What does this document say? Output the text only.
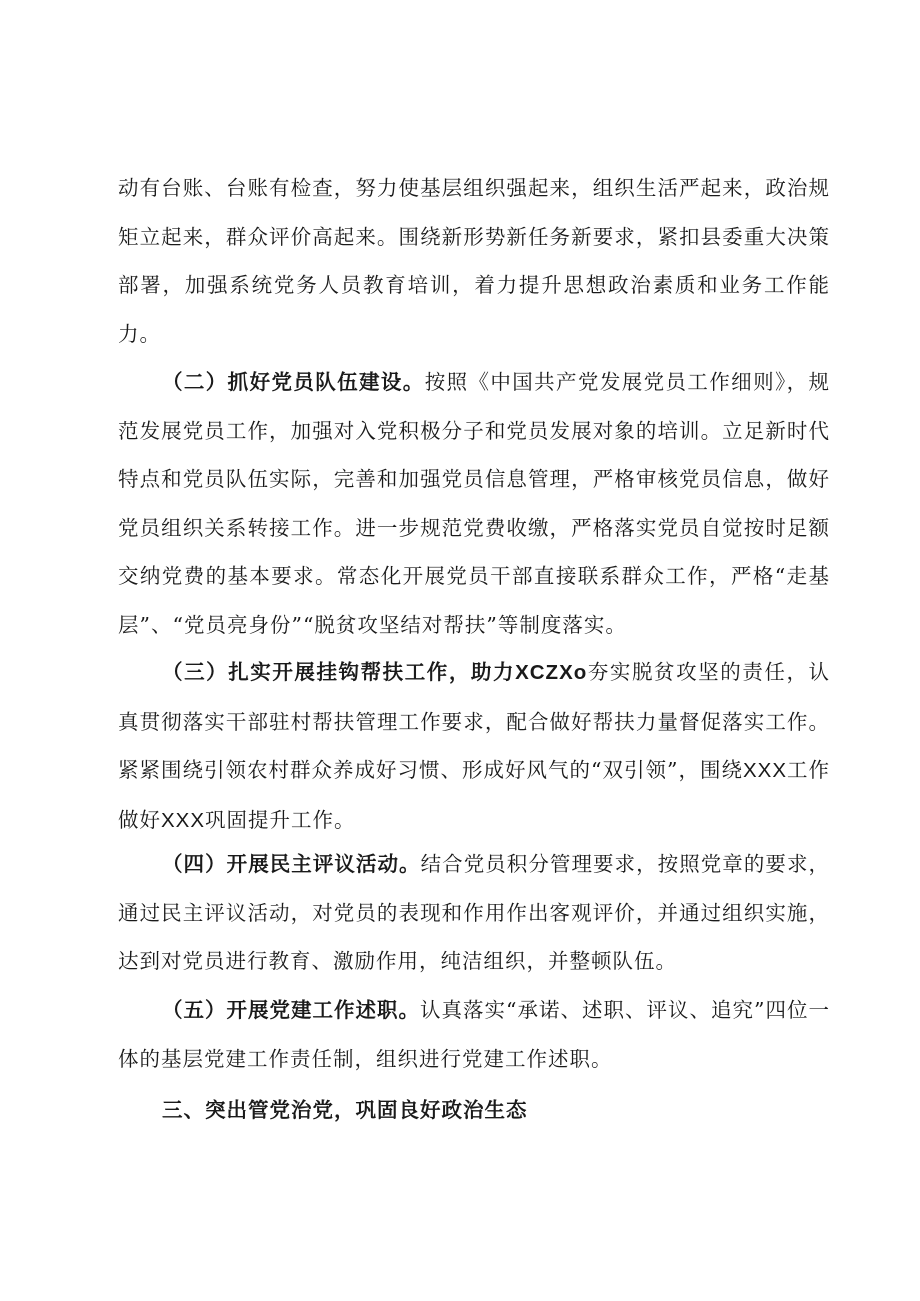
动有台账、台账有检查，努力使基层组织强起来，组织生活严起来，政治规矩立起来，群众评价高起来。围绕新形势新任务新要求，紧扣县委重大决策部署，加强系统党务人员教育培训，着力提升思想政治素质和业务工作能力。

（二）抓好党员队伍建设。按照《中国共产党发展党员工作细则》，规范发展党员工作，加强对入党积极分子和党员发展对象的培训。立足新时代特点和党员队伍实际，完善和加强党员信息管理，严格审核党员信息，做好党员组织关系转接工作。进一步规范党费收缴，严格落实党员自觉按时足额交纳党费的基本要求。常态化开展党员干部直接联系群众工作，严格“走基层”、“党员亮身份”“脱贫攻坚结对帮扶”等制度落实。

（三）扎实开展挂钩帮扶工作，助力XCZXo夯实脱贫攻坚的责任，认真贯彻落实干部驻村帮扶管理工作要求，配合做好帮扶力量督促落实工作。紧紧围绕引领农村群众养成好习惯、形成好风气的“双引领”，围绕XXX工作做好XXX巩固提升工作。

（四）开展民主评议活动。结合党员积分管理要求，按照党章的要求，通过民主评议活动，对党员的表现和作用作出客观评价，并通过组织实施，达到对党员进行教育、激励作用，纯洁组织，并整顿队伍。

（五）开展党建工作述职。认真落实“承诺、述职、评议、追究”四位一体的基层党建工作责任制，组织进行党建工作述职。

三、突出管党治党，巩固良好政治生态
